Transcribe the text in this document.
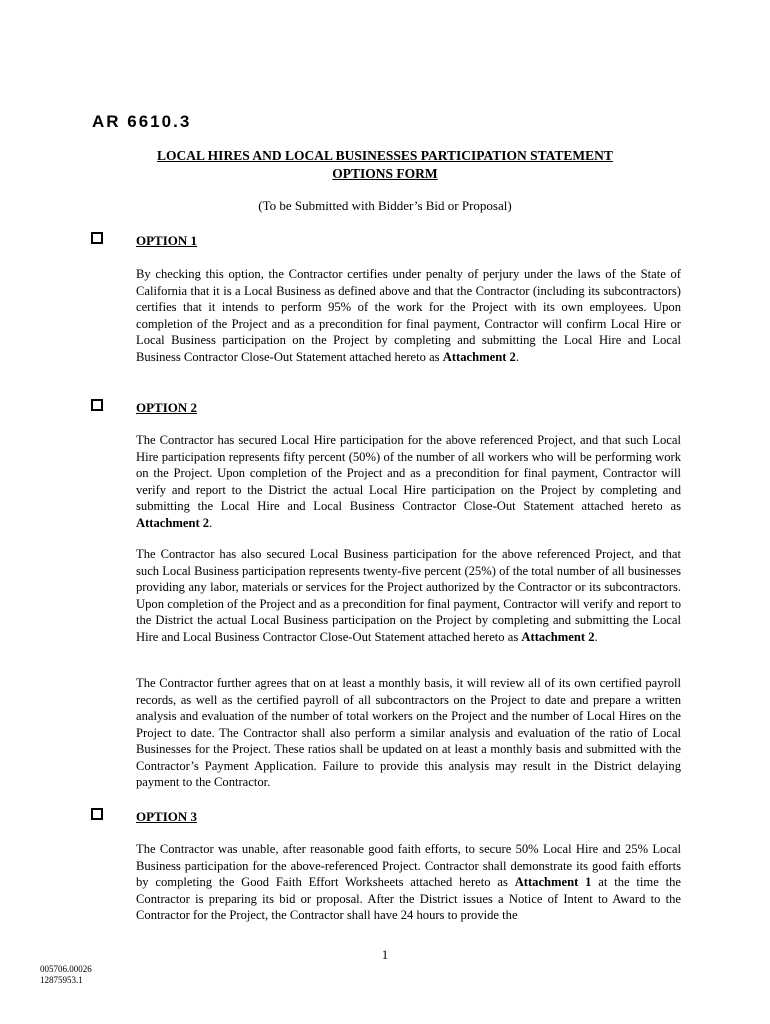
AR 6610.3
LOCAL HIRES AND LOCAL BUSINESSES PARTICIPATION STATEMENT
OPTIONS FORM
(To be Submitted with Bidder’s Bid or Proposal)
OPTION 1

By checking this option, the Contractor certifies under penalty of perjury under the laws of the State of California that it is a Local Business as defined above and that the Contractor (including its subcontractors) certifies that it intends to perform 95% of the work for the Project with its own employees. Upon completion of the Project and as a precondition for final payment, Contractor will confirm Local Hire or Local Business participation on the Project by completing and submitting the Local Hire and Local Business Contractor Close-Out Statement attached hereto as Attachment 2.

OPTION 2

The Contractor has secured Local Hire participation for the above referenced Project, and that such Local Hire participation represents fifty percent (50%) of the number of all workers who will be performing work on the Project. Upon completion of the Project and as a precondition for final payment, Contractor will verify and report to the District the actual Local Hire participation on the Project by completing and submitting the Local Hire and Local Business Contractor Close-Out Statement attached hereto as Attachment 2.

The Contractor has also secured Local Business participation for the above referenced Project, and that such Local Business participation represents twenty-five percent (25%) of the total number of all businesses providing any labor, materials or services for the Project authorized by the Contractor or its subcontractors. Upon completion of the Project and as a precondition for final payment, Contractor will verify and report to the District the actual Local Business participation on the Project by completing and submitting the Local Hire and Local Business Contractor Close-Out Statement attached hereto as Attachment 2.

The Contractor further agrees that on at least a monthly basis, it will review all of its own certified payroll records, as well as the certified payroll of all subcontractors on the Project to date and prepare a written analysis and evaluation of the number of total workers on the Project and the number of Local Hires on the Project to date. The Contractor shall also perform a similar analysis and evaluation of the ratio of Local Businesses for the Project. These ratios shall be updated on at least a monthly basis and submitted with the Contractor’s Payment Application. Failure to provide this analysis may result in the District delaying payment to the Contractor.

OPTION 3

The Contractor was unable, after reasonable good faith efforts, to secure 50% Local Hire and 25% Local Business participation for the above-referenced Project. Contractor shall demonstrate its good faith efforts by completing the Good Faith Effort Worksheets attached hereto as Attachment 1 at the time the Contractor is preparing its bid or proposal. After the District issues a Notice of Intent to Award to the Contractor for the Project, the Contractor shall have 24 hours to provide the

1
005706.00026
12875953.1
